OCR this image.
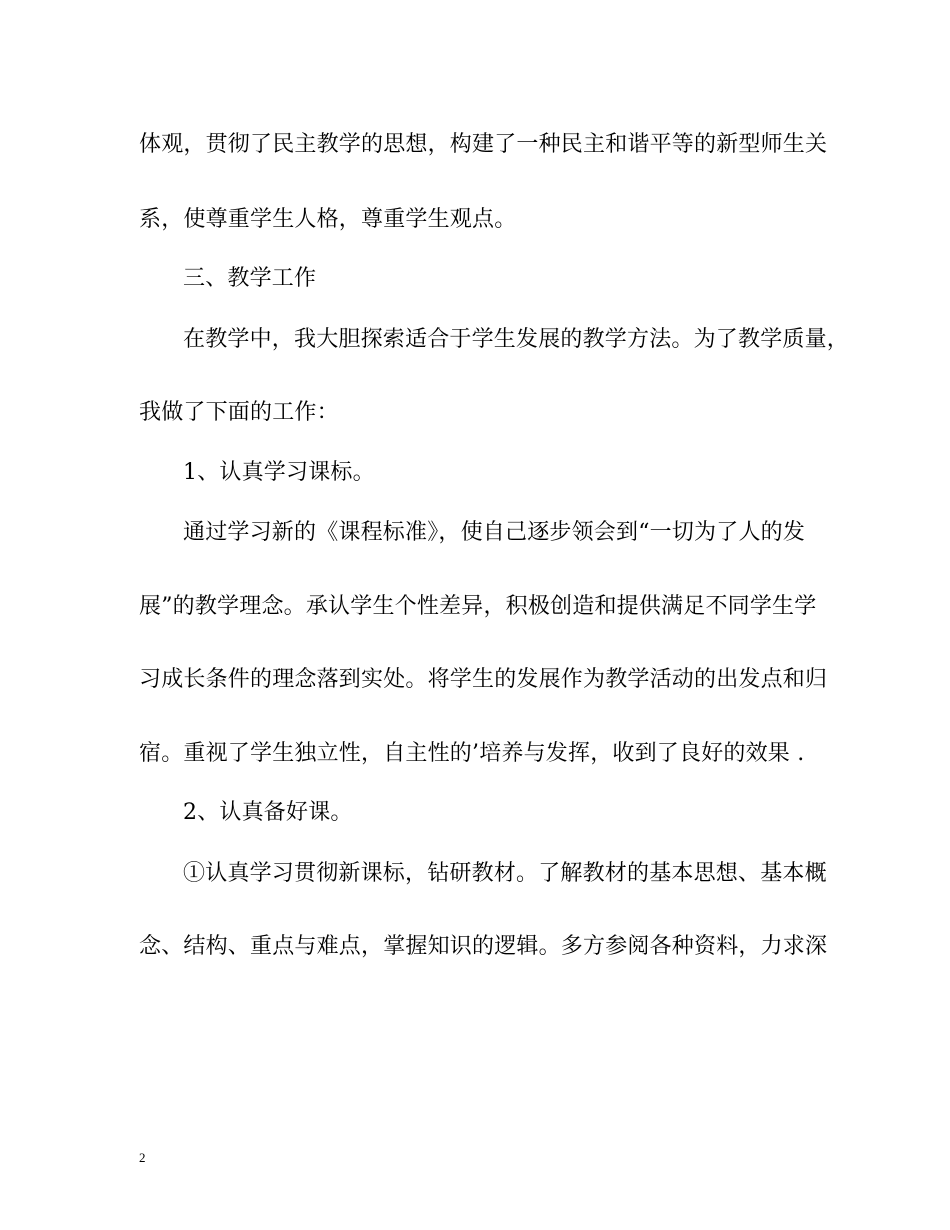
体观，贯彻了民主教学的思想，构建了一种民主和谐平等的新型师生关
系，使尊重学生人格，尊重学生观点。
三、教学工作
在教学中，我大胆探索适合于学生发展的教学方法。为了教学质量，
我做了下面的工作：
1、认真学习课标。
通过学习新的《课程标准》，使自己逐步领会到“一切为了人的发
展”的教学理念。承认学生个性差异，积极创造和提供满足不同学生学
习成长条件的理念落到实处。将学生的发展作为教学活动的出发点和归
宿。重视了学生独立性，自主性的’培养与发挥，收到了良好的效果 .
2、认真备好课。
①认真学习贯彻新课标，钻研教材。了解教材的基本思想、基本概
念、结构、重点与难点，掌握知识的逻辑。多方参阅各种资料，力求深
2
